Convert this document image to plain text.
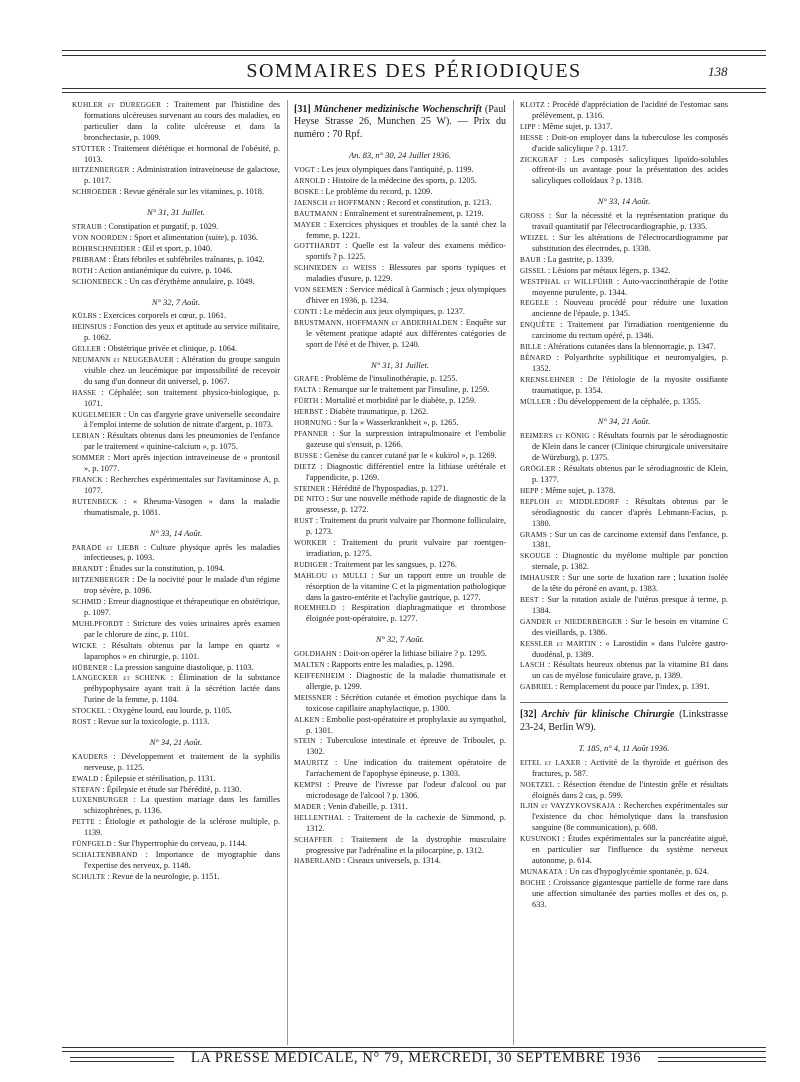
SOMMAIRES DES PÉRIODIQUES	138

KUHLER et DUREGGER : Traitement par l'histidine des formations ulcéreuses survenant au cours des maladies, en particulier dans la colite ulcéreuse et dans la bronchectasie, p. 1009.

STÜTTER : Traitement diététique et hormonal de l'obésité, p. 1013.

HITZENBERGER : Administration intraveineuse de galactose, p. 1017.

SCHROEDER : Revue générale sur les vitamines, p. 1018.

N° 31, 31 Juillet.

STRAUB : Constipation et purgatif, p. 1029.

VON NOORDEN : Sport et alimentation (suite), p. 1036.

ROHRSCHNEIDER : Œil et sport, p. 1040.

PRIBRAM : États fébriles et subfébriles traînants, p. 1042.

ROTH : Action antianémique du cuivre, p. 1046.

SCHONEBECK : Un cas d'érythème annulaire, p. 1049.

N° 32, 7 Août.

KÜLBS : Exercices corporels et cœur, p. 1061.

HEINSIUS : Fonction des yeux et aptitude au service militaire, p. 1062.

GELLER : Obstétrique privée et clinique, p. 1064.

NEUMANN et NEUGEBAUER : Altération du groupe sanguin visible chez un leucémique par impossibilité de recevoir du sang d'un donneur dit universel, p. 1067.

HASSE : Céphalée; son traitement physico-biologique, p. 1071.

KUGELMEIER : Un cas d'argyrie grave universelle secondaire à l'emploi interne de solution de nitrate d'argent, p. 1073.

LEBIAN : Résultats obtenus dans les pneumonies de l'enfance par le traitement « quinine-calcium », p. 1075.

SOMMER : Mort après injection intraveineuse de « prontosil », p. 1077.

FRANCK : Recherches expérimentales sur l'avitaminose A, p. 1077.

RUTENBECK : « Rheuma-Vasogen » dans la maladie rhumatismale, p. 1081.

N° 33, 14 Août.

PARADE et LIEBR : Culture physique après les maladies infectieuses, p. 1093.

BRANDT : Études sur la constitution, p. 1094.

HITZENBERGER : De la nocivité pour le malade d'un régime trop sévère, p. 1096.

SCHMID : Erreur diagnostique et thérapeutique en obstétrique, p. 1097.

MUHLPFORDT : Stricture des voies urinaires après examen par le chlorure de zinc, p. 1101.

WICKE : Résultats obtenus par la lampe en quartz « laparophos » en chirurgie, p. 1101.

HÜBENER : La pression sanguine diastolique, p. 1103.

LANGECKER et SCHENK : Élimination de la substance préhypophysaire ayant trait à la sécrétion lactée dans l'urine de la femme, p. 1104.

STOCKEL : Oxygène lourd, eau lourde, p. 1105.

ROST : Revue sur la toxicologie, p. 1113.

N° 34, 21 Août.

KAUDERS : Développement et traitement de la syphilis nerveuse, p. 1125.

EWALD : Épilepsie et stérilisation, p. 1131.

STEFAN : Épilepsie et étude sur l'hérédité, p. 1130.

LUXENBURGER : La question mariage dans les familles schizophrènes, p. 1136.

PETTE : Étiologie et pathologie de la sclérose multiple, p. 1139.

FÜNFGELD : Sur l'hypertrophie du cerveau, p. 1144.

SCHALTENBRAND : Importance de myographie dans l'expertise des nerveux, p. 1148.

SCHULTE : Revue de la neurologie, p. 1151.

[31] Münchener medizinische Wochenschrift (Paul Heyse Strasse 26, Munchen 25 W). — Prix du numéro : 70 Rpf.
An. 83, n° 30, 24 Juillet 1936.

VOGT : Les jeux olympiques dans l'antiquité, p. 1199.

ARNOLD : Histoire de la médecine des sports, p. 1205.

BOSKE : Le problème du record, p. 1209.

JAENSCH et HOFFMANN : Record et constitution, p. 1213.

BAUTMANN : Entraînement et surentraînement, p. 1219.

MAYER : Exercices physiques et troubles de la santé chez la femme, p. 1221.

GOTTHARDT : Quelle est la valeur des examens médico-sportifs ? p. 1225.

SCHNIEDEN et WEISS : Blessures par sports typiques et maladies d'usure, p. 1229.

VON SEEMEN : Service médical à Garmisch ; jeux olympiques d'hiver en 1936, p. 1234.

CONTI : Le médecin aux jeux olympiques, p. 1237.

BRUSTMANN, HOFFMANN et ABDERHALDEN : Enquête sur le vêtement pratique adapté aux différentes catégories de sport de l'été et de l'hiver, p. 1240.

N° 31, 31 Juillet.

GRAFE : Problème de l'insulinothérapie, p. 1255.

FALTA : Remarque sur le traitement par l'insuline, p. 1259.

FÜRTH : Mortalité et morbidité par le diabète, p. 1259.

HERBST : Diabète traumatique, p. 1262.

HORNUNG : Sur la « Wasserkrankheit », p. 1265.

PFANNER : Sur la surpression intrapulmonaire et l'embolie gazeuse qui s'ensuit, p. 1266.

BUSSE : Genèse du cancer cutané par le « kukirol », p. 1269.

DIETZ : Diagnostic différentiel entre la lithiase urétérale et l'appendicite, p. 1269.

STEINER : Hérédité de l'hypospadias, p. 1271.

DE NITO : Sur une nouvelle méthode rapide de diagnostic de la grossesse, p. 1272.

RUST : Traitement du prurit vulvaire par l'hormone folliculaire, p. 1273.

WORKER : Traitement du prurit vulvaire par roentgen-irradiation, p. 1275.

RUDIGER : Traitement par les sangsues, p. 1276.

MAHLOU et MULLI : Sur un rapport entre un trouble de résorption de la vitamine C et la pigmentation pathologique dans la gastro-entérite et l'achylie gastrique, p. 1277.

ROEMHELD : Respiration diaphragmatique et thrombose éloignée post-opératoire, p. 1277.

N° 32, 7 Août.

GOLDHAHN : Doit-on opérer la lithiase biliaire ? p. 1295.

MALTEN : Rapports entre les maladies, p. 1298.

KEIFFENHEIM : Diagnostic de la maladie rhumatismale et allergie, p. 1299.

MEISSNER : Sécrétion cutanée et émotion psychique dans la toxicose capillaire anaphylactique, p. 1300.

ALKEN : Embolie post-opératoire et prophylaxie au sympathol, p. 1301.

STEIN : Tuberculose intestinale et épreuve de Triboulet, p. 1302.

MAURITZ : Une indication du traitement opératoire de l'arrachement de l'apophyse épineuse, p. 1303.

KEMPSI : Preuve de l'ivresse par l'odeur d'alcool ou par microdosage de l'alcool ? p. 1306.

MADER : Venin d'abeille, p. 1311.

HELLENTHAL : Traitement de la cachexie de Simmond, p. 1312.

SCHAFFER : Traitement de la dystrophie musculaire progressive par l'adrénaline et la pilocarpine, p. 1312.

HABERLAND : Ciseaux universels, p. 1314.

KLOTZ : Procédé d'appréciation de l'acidité de l'estomac sans prélèvement, p. 1316.

LIPP : Même sujet, p. 1317.

HESSE : Doit-on employer dans la tuberculose les composés d'acide salicylique ? p. 1317.

ZICKGRAF : Les composés salicyliques lipoïdo-solubles offrent-ils un avantage pour la présentation des acides salicyliques colloïdaux ? p. 1318.

N° 33, 14 Août.

GROSS : Sur la nécessité et la représentation pratique du travail quantitatif par l'électrocardiographie, p. 1335.

WEIZEL : Sur les altérations de l'électrocardiogramme par substitution des électrodes, p. 1338.

BAUR : La gastrite, p. 1339.

GISSEL : Lésions par métaux légers, p. 1342.

WESTPHAL et WILLFÜHR : Auto-vaccinothérapie de l'otite moyenne purulente, p. 1344.

REGELE : Nouveau procédé pour réduire une luxation ancienne de l'épaule, p. 1345.

ENQUÊTE : Traitement par l'irradiation roentgenienne du carcinome du rectum opéré, p. 1346.

BILLE : Altérations cutanées dans la blennorragie, p. 1347.

BÉNARD : Polyarthrite syphilitique et neuromyalgies, p. 1352.

KRENSLEHNER : De l'étiologie de la myosite ossifiante traumatique, p. 1354.

MÜLLER : Du développement de la céphalée, p. 1355.

N° 34, 21 Août.

REIMERS et KÖNIG : Résultats fournis par le sérodiagnostic de Klein dans le cancer (Clinique chirurgicale universitaire de Würzburg), p. 1375.

GRÖGLER : Résultats obtenus par le sérodiagnostic de Klein, p. 1377.

HEPP : Même sujet, p. 1378.

REPLOH et MIDDLEDORF : Résultats obtenus par le sérodiagnostic du cancer d'après Lehmann-Facius, p. 1380.

GRAMS : Sur un cas de carcinome extensif dans l'enfance, p. 1381.

SKOUGE : Diagnostic du myélome multiple par ponction sternale, p. 1382.

IMHAUSER : Sur une sorte de luxation rare ; luxation isolée de la tête du péroné en avant, p. 1383.

BEST : Sur la rotation axiale de l'utérus presque à terme, p. 1384.

GANDER et NIEDERBERGER : Sur le besoin en vitamine C des vieillards, p. 1386.

KESSLER et MARTIN : « Larostidin » dans l'ulcère gastro-duodénal, p. 1389.

LASCH : Résultats heureux obtenus par la vitamine B1 dans un cas de myélose funiculaire grave, p. 1389.

GABRIEL : Remplacement du pouce par l'index, p. 1391.

[32] Archiv für klinische Chirurgie (Linkstrasse 23-24, Berlin W9).
T. 185, n° 4, 11 Août 1936.

EITEL et LAXER : Activité de la thyroïde et guérison des fractures, p. 587.

NOETZEL : Résection étendue de l'intestin grêle et résultats éloignés dans 2 cas, p. 599.

ILJIN et VAYZYKOVSKAJA : Recherches expérimentales sur l'existence du choc hémolytique dans la transfusion sanguine (8e communication), p. 608.

KUSUNOKI : Études expérimentales sur la pancréatite aiguë, en particulier sur l'influence du système nerveux autonome, p. 614.

MUNAKATA : Un cas d'hypoglycémie spontanée, p. 624.

BOCHE : Croissance gigantesque partielle de forme rare dans une affection simultanée des parties molles et des os, p. 633.

LA PRESSE MEDICALE, N° 79, MERCREDI, 30 SEPTEMBRE 1936
